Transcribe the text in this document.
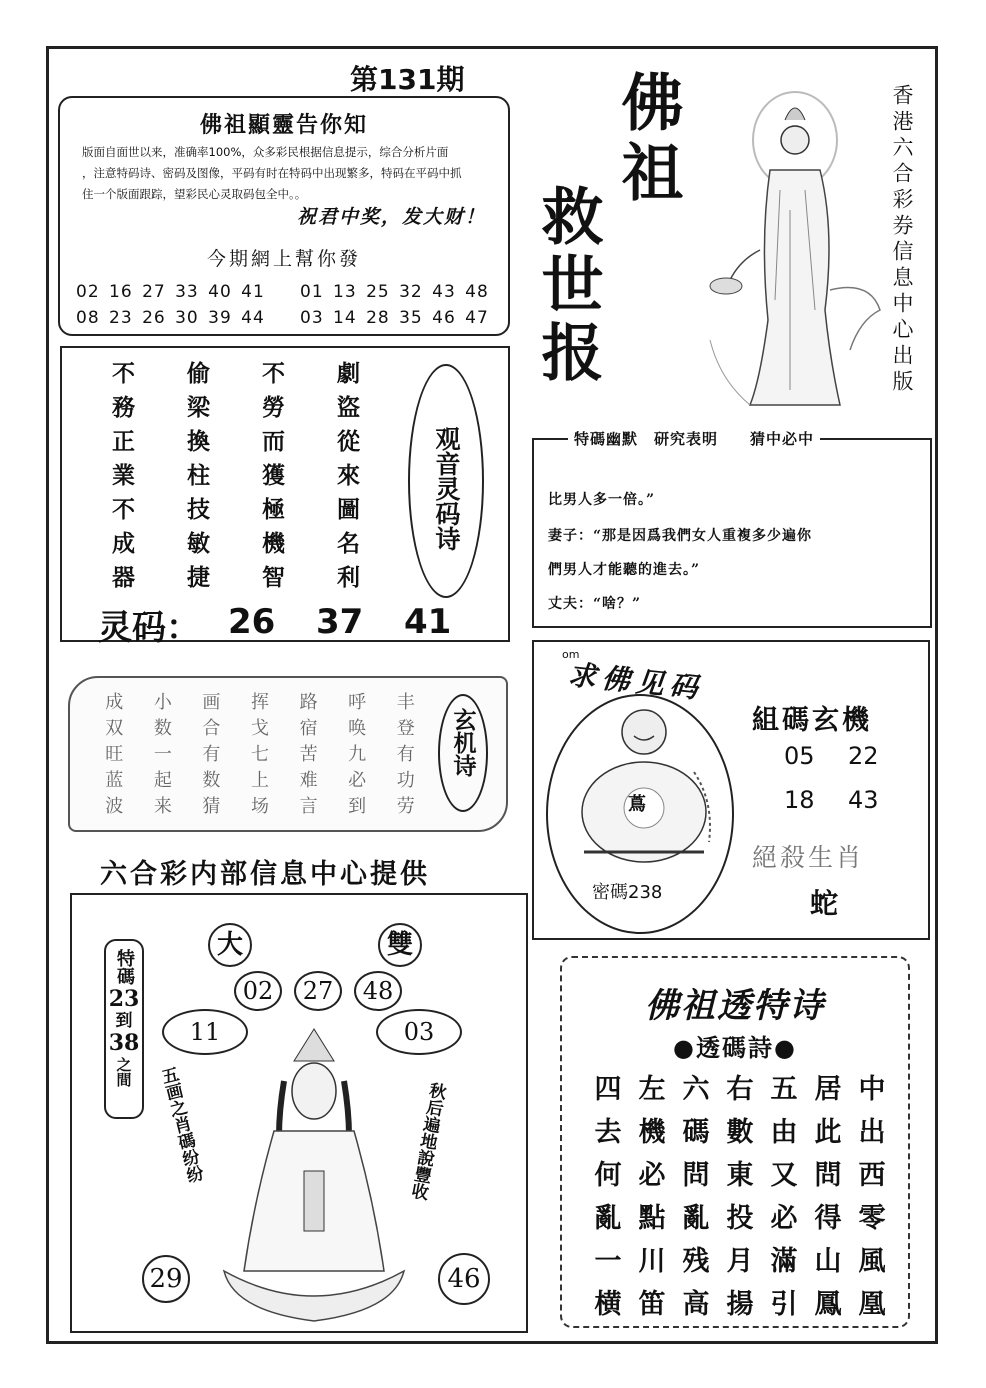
第131期
佛祖顯靈告你知
版面自面世以来，准确率100%，众多彩民根据信息提示，综合分析片面
，注意特码诗、密码及图像，平码有时在特码中出现繁多，特码在平码中抓
住一个版面跟踪，望彩民心灵取码包全中。。
祝君中奖，发大财！
今期網上幫你發
02 16 27 33 40 41 01 13 25 32 43 48
08 23 26 30 39 44 03 14 28 35 46 47
佛祖
救世报	香港六合彩券信息中心出版
不	偷	不	劇
務	梁	勞	盜
正	換	而	從
業	柱	獲	來
不	技	極	圖
成	敏	機	名
器	捷	智	利
观音灵码诗
灵码： 26 37 41
成	小	画	挥	路	呼	丰
双	数	合	戈	宿	唤	登
旺	一	有	七	苦	九	有
蓝	起	数	上	难	必	功
波	来	猜	场	言	到	劳
玄机诗
六合彩内部信息中心提供
大	雙
02	27	48
11	03
特碼
23
到
38
之間 五画之肖碼纷纷	秋后遍地說豐收
29	46
特碼幽默　研究表明　　猜中必中
比男人多一倍。”
妻子：“那是因爲我們女人重複多少遍你
們男人才能聽的進去。”
丈夫：“啥？”
om
求佛见码
蔦
密碼238
組碼玄機
05 22
18 43
絕殺生肖
蛇
佛祖透特诗
●透碼詩●
四 左 六 右 五 居 中
去 機 碼 數 由 此 出
何 必 問 東 又 問 西
亂 點 亂 投 必 得 零
一 川 残 月 滿 山 風
横 笛 高 揚 引 鳳 凰
